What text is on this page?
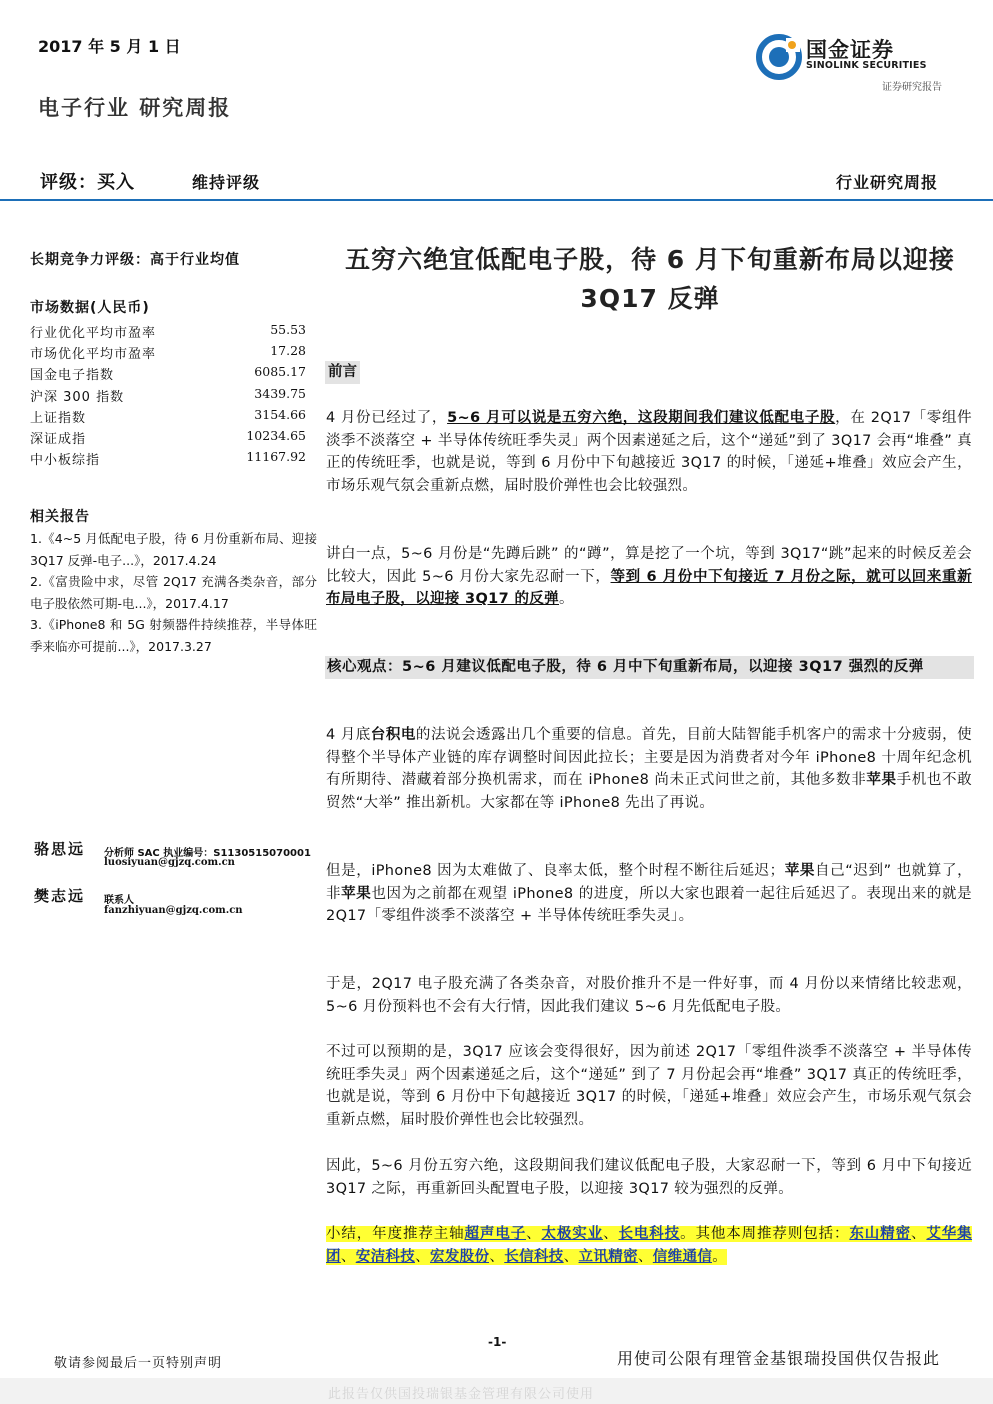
2017 年 5 月 1 日
电子行业 研究周报
国金证券
SINOLINK SECURITIES
证券研究报告
评级：买入	维持评级	行业研究周报
长期竞争力评级：高于行业均值
市场数据(人民币)
行业优化平均市盈率	55.53
市场优化平均市盈率	17.28
国金电子指数	6085.17
沪深 300 指数	3439.75
上证指数	3154.66
深证成指	10234.65
中小板综指	11167.92
相关报告
1.《4~5 月低配电子股，待 6 月份重新布局、迎接 3Q17 反弹-电子...》，2017.4.24
2.《富贵险中求，尽管 2Q17 充满各类杂音，部分电子股依然可期-电...》，2017.4.17
3.《iPhone8 和 5G 射频器件持续推荐，半导体旺季来临亦可提前...》，2017.3.27
骆思远 分析师 SAC 执业编号：S1130515070001
luosiyuan@gjzq.com.cn
樊志远 联系人
fanzhiyuan@gjzq.com.cn
五穷六绝宜低配电子股，待 6 月下旬重新布局以迎接 3Q17 反弹
前言
4 月份已经过了，5~6 月可以说是五穷六绝，这段期间我们建议低配电子股，在 2Q17「零组件淡季不淡落空 + 半导体传统旺季失灵」两个因素递延之后，这个“递延”到了 3Q17 会再“堆叠” 真正的传统旺季，也就是说，等到 6 月份中下旬越接近 3Q17 的时候，「递延+堆叠」效应会产生，市场乐观气氛会重新点燃，届时股价弹性也会比较强烈。
讲白一点，5~6 月份是“先蹲后跳” 的“蹲”，算是挖了一个坑，等到 3Q17“跳”起来的时候反差会比较大，因此 5~6 月份大家先忍耐一下，等到 6 月份中下旬接近 7 月份之际，就可以回来重新布局电子股，以迎接 3Q17 的反弹。
核心观点：5~6 月建议低配电子股，待 6 月中下旬重新布局，以迎接 3Q17 强烈的反弹
4 月底台积电的法说会透露出几个重要的信息。首先，目前大陆智能手机客户的需求十分疲弱，使得整个半导体产业链的库存调整时间因此拉长；主要是因为消费者对今年 iPhone8 十周年纪念机有所期待、潜藏着部分换机需求，而在 iPhone8 尚未正式问世之前，其他多数非苹果手机也不敢贸然“大举” 推出新机。大家都在等 iPhone8 先出了再说。
但是，iPhone8 因为太难做了、良率太低，整个时程不断往后延迟；苹果自己“迟到” 也就算了，非苹果也因为之前都在观望 iPhone8 的进度，所以大家也跟着一起往后延迟了。表现出来的就是 2Q17「零组件淡季不淡落空 + 半导体传统旺季失灵」。
于是，2Q17 电子股充满了各类杂音，对股价推升不是一件好事，而 4 月份以来情绪比较悲观，5~6 月份预料也不会有大行情，因此我们建议 5~6 月先低配电子股。
不过可以预期的是，3Q17 应该会变得很好，因为前述 2Q17「零组件淡季不淡落空 + 半导体传统旺季失灵」两个因素递延之后，这个“递延” 到了 7 月份起会再“堆叠” 3Q17 真正的传统旺季，也就是说，等到 6 月份中下旬越接近 3Q17 的时候，「递延+堆叠」效应会产生，市场乐观气氛会重新点燃，届时股价弹性也会比较强烈。
因此，5~6 月份五穷六绝，这段期间我们建议低配电子股，大家忍耐一下，等到 6 月中下旬接近 3Q17 之际，再重新回头配置电子股，以迎接 3Q17 较为强烈的反弹。
小结，年度推荐主轴超声电子、太极实业、长电科技。其他本周推荐则包括：东山精密、艾华集团、安洁科技、宏发股份、长信科技、立讯精密、信维通信。
-1-
敬请参阅最后一页特别声明	用使司公限有理管金基银瑞投国供仅告报此
此报告仅供国投瑞银基金管理有限公司使用
